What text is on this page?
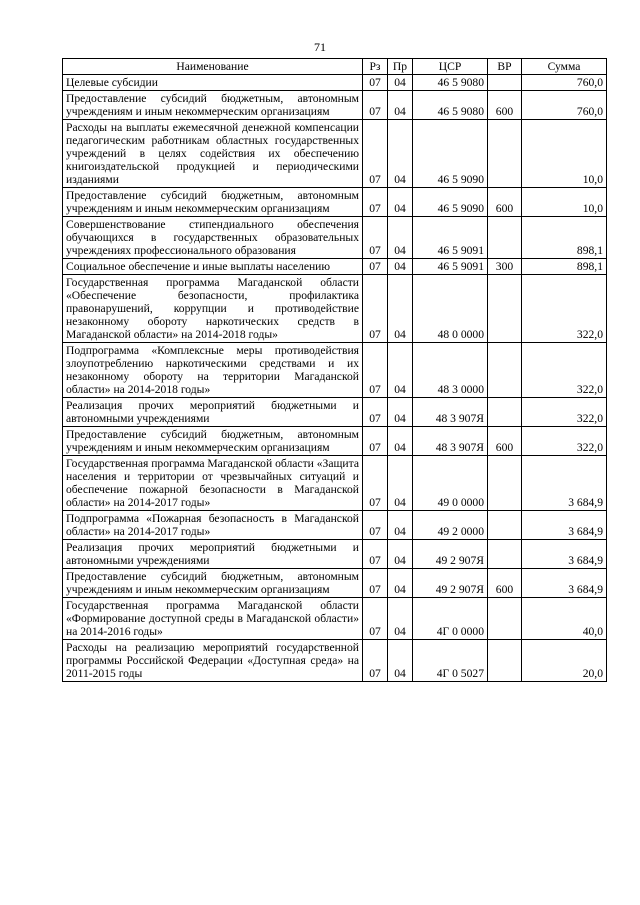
71
Наименование	Рз	Пр	ЦСР	ВР	Сумма
Целевые субсидии	07	04	46 5 9080		760,0
Предоставление субсидий бюджетным, автономным учреждениям и иным некоммерческим организациям	07	04	46 5 9080	600	760,0
Расходы на выплаты ежемесячной денежной компенсации педагогическим работникам областных государственных учреждений в целях содействия их обеспечению книгоиздательской продукцией и периодическими изданиями	07	04	46 5 9090		10,0
Предоставление субсидий бюджетным, автономным учреждениям и иным некоммерческим организациям	07	04	46 5 9090	600	10,0
Совершенствование стипендиального обеспечения обучающихся в государственных образовательных учреждениях профессионального образования	07	04	46 5 9091		898,1
Социальное обеспечение и иные выплаты населению	07	04	46 5 9091	300	898,1
Государственная программа Магаданской области «Обеспечение безопасности, профилактика правонарушений, коррупции и противодействие незаконному обороту наркотических средств в Магаданской области» на 2014-2018 годы»	07	04	48 0 0000		322,0
Подпрограмма «Комплексные меры противодействия злоупотреблению наркотическими средствами и их незаконному обороту на территории Магаданской области» на 2014-2018 годы»	07	04	48 3 0000		322,0
Реализация прочих мероприятий бюджетными и автономными учреждениями	07	04	48 3 907Я		322,0
Предоставление субсидий бюджетным, автономным учреждениям и иным некоммерческим организациям	07	04	48 3 907Я	600	322,0
Государственная программа Магаданской области «Защита населения и территории от чрезвычайных ситуаций и обеспечение пожарной безопасности в Магаданской области» на 2014-2017 годы»	07	04	49 0 0000		3 684,9
Подпрограмма «Пожарная безопасность в Магаданской области» на 2014-2017 годы»	07	04	49 2 0000		3 684,9
Реализация прочих мероприятий бюджетными и автономными учреждениями	07	04	49 2 907Я		3 684,9
Предоставление субсидий бюджетным, автономным учреждениям и иным некоммерческим организациям	07	04	49 2 907Я	600	3 684,9
Государственная программа Магаданской области «Формирование доступной среды в Магаданской области» на 2014-2016 годы»	07	04	4Г 0 0000		40,0
Расходы на реализацию мероприятий государственной программы Российской Федерации «Доступная среда» на 2011-2015 годы	07	04	4Г 0 5027		20,0
